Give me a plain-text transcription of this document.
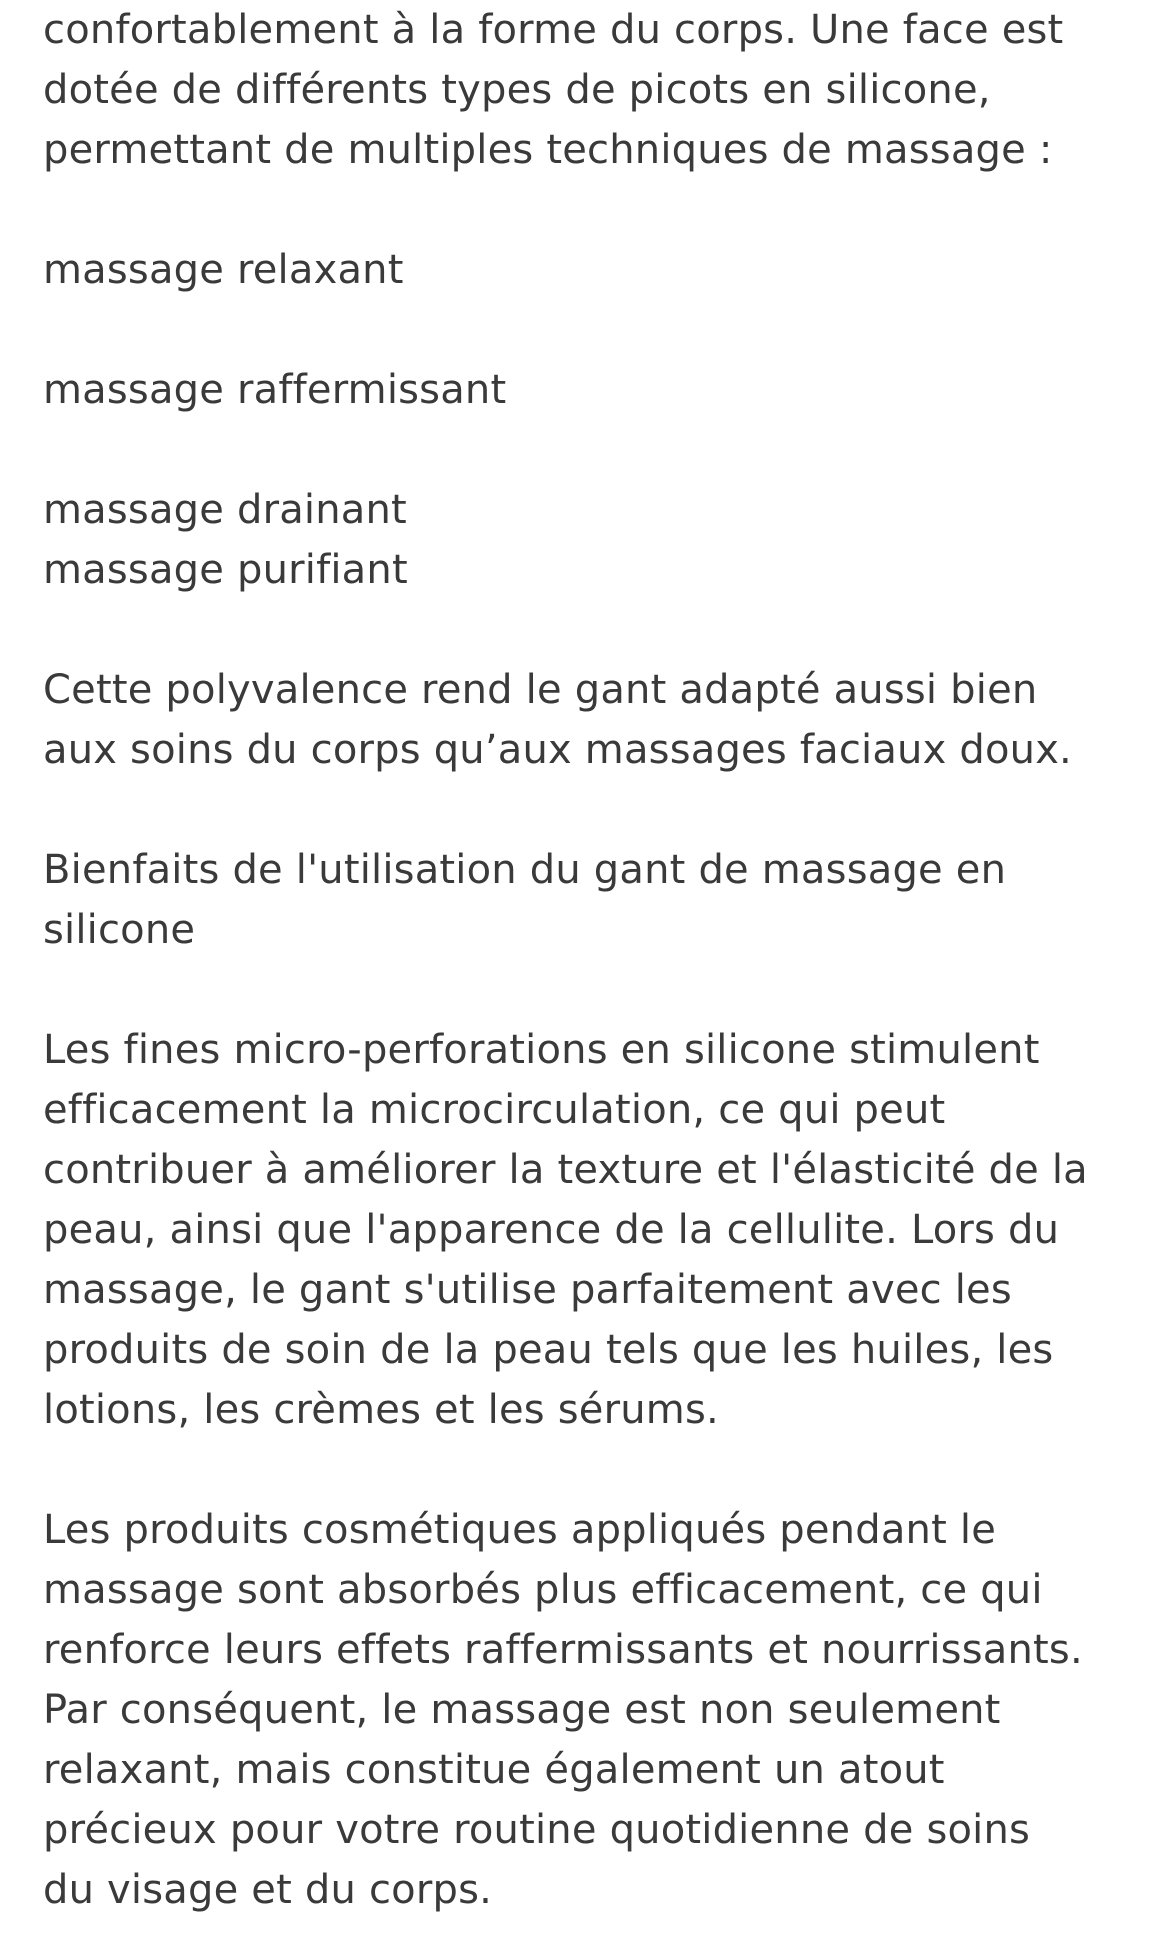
confortablement à la forme du corps. Une face est
dotée de différents types de picots en silicone,
permettant de multiples techniques de massage :
massage relaxant
massage raffermissant
massage drainant
massage purifiant
Cette polyvalence rend le gant adapté aussi bien
aux soins du corps qu’aux massages faciaux doux.
Bienfaits de l'utilisation du gant de massage en
silicone
Les fines micro-perforations en silicone stimulent
efficacement la microcirculation, ce qui peut
contribuer à améliorer la texture et l'élasticité de la
peau, ainsi que l'apparence de la cellulite. Lors du
massage, le gant s'utilise parfaitement avec les
produits de soin de la peau tels que les huiles, les
lotions, les crèmes et les sérums.
Les produits cosmétiques appliqués pendant le
massage sont absorbés plus efficacement, ce qui
renforce leurs effets raffermissants et nourrissants.
Par conséquent, le massage est non seulement
relaxant, mais constitue également un atout
précieux pour votre routine quotidienne de soins
du visage et du corps.
